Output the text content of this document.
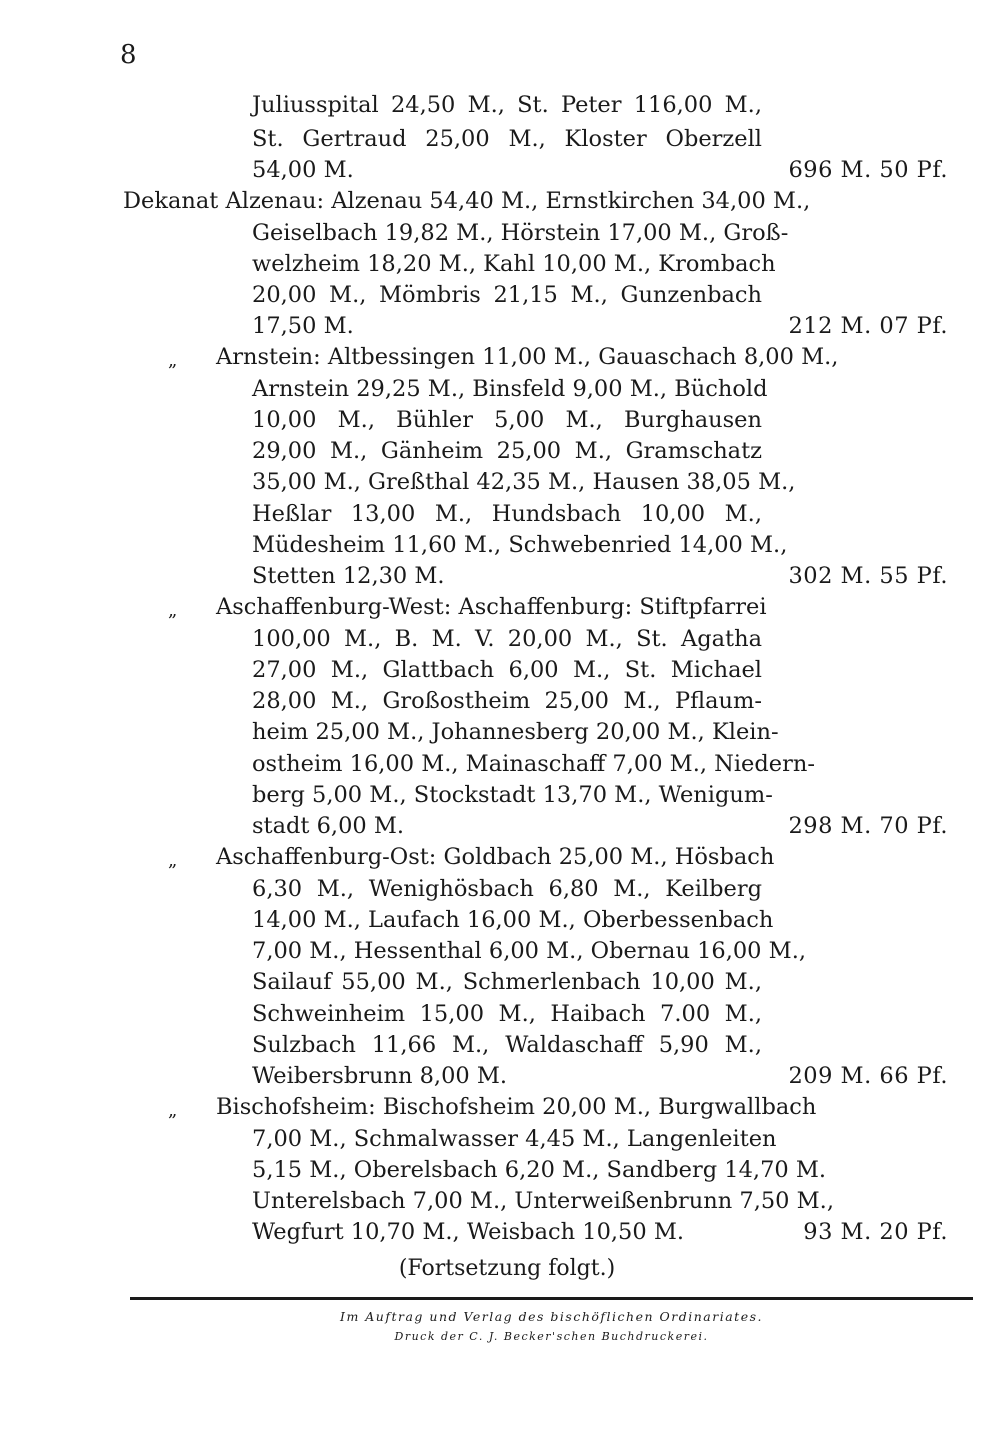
8
Juliusspital 24,50 M., St. Peter 116,00 M.,
St. Gertraud 25,00 M., Kloster Oberzell
54,00 M.	696 M. 50 Pf.
Dekanat Alzenau: Alzenau 54,40 M., Ernstkirchen 34,00 M.,
Geiselbach 19,82 M., Hörstein 17,00 M., Groß-
welzheim 18,20 M., Kahl 10,00 M., Krombach
20,00 M., Mömbris 21,15 M., Gunzenbach
17,50 M.	212 M. 07 Pf.
„ Arnstein: Altbessingen 11,00 M., Gauaschach 8,00 M.,
Arnstein 29,25 M., Binsfeld 9,00 M., Büchold
10,00 M., Bühler 5,00 M., Burghausen
29,00 M., Gänheim 25,00 M., Gramschatz
35,00 M., Greßthal 42,35 M., Hausen 38,05 M.,
Heßlar 13,00 M., Hundsbach 10,00 M.,
Müdesheim 11,60 M., Schwebenried 14,00 M.,
Stetten 12,30 M.	302 M. 55 Pf.
„ Aschaffenburg-West: Aschaffenburg: Stiftpfarrei
100,00 M., B. M. V. 20,00 M., St. Agatha
27,00 M., Glattbach 6,00 M., St. Michael
28,00 M., Großostheim 25,00 M., Pflaum-
heim 25,00 M., Johannesberg 20,00 M., Klein-
ostheim 16,00 M., Mainaschaff 7,00 M., Niedern-
berg 5,00 M., Stockstadt 13,70 M., Wenigum-
stadt 6,00 M.	298 M. 70 Pf.
„ Aschaffenburg-Ost: Goldbach 25,00 M., Hösbach
6,30 M., Wenighösbach 6,80 M., Keilberg
14,00 M., Laufach 16,00 M., Oberbessenbach
7,00 M., Hessenthal 6,00 M., Obernau 16,00 M.,
Sailauf 55,00 M., Schmerlenbach 10,00 M.,
Schweinheim 15,00 M., Haibach 7.00 M.,
Sulzbach 11,66 M., Waldaschaff 5,90 M.,
Weibersbrunn 8,00 M.	209 M. 66 Pf.
„ Bischofsheim: Bischofsheim 20,00 M., Burgwallbach
7,00 M., Schmalwasser 4,45 M., Langenleiten
5,15 M., Oberelsbach 6,20 M., Sandberg 14,70 M.
Unterelsbach 7,00 M., Unterweißenbrunn 7,50 M.,
Wegfurt 10,70 M., Weisbach 10,50 M.	93 M. 20 Pf.
(Fortsetzung folgt.)
Im Auftrag und Verlag des bischöflichen Ordinariates.
Druck der C. J. Becker'schen Buchdruckerei.
